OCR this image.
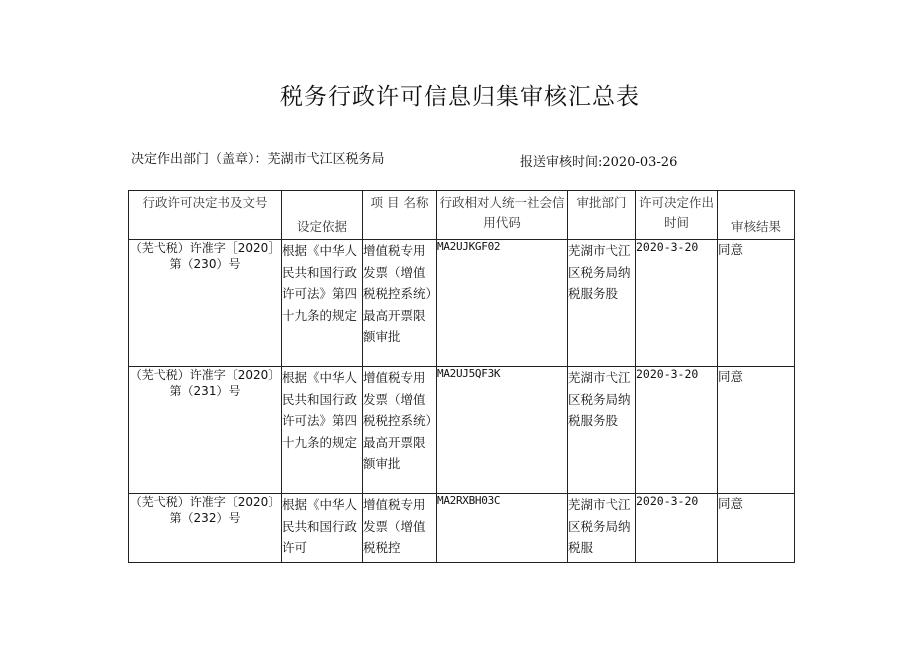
税务行政许可信息归集审核汇总表
决定作出部门（盖章）：芜湖市弋江区税务局	报送审核时间:2020-03-26
行政许可决定书及文号	设定依据	项 目 名称	行政相对人统一社会信用代码	审批部门	许可决定作出时间	审核结果
（芜弋税）许准字［2020］第（230）号	根据《中华人民共和国行政许可法》第四十九条的规定	增值税专用发票（增值税税控系统）最高开票限额审批	MA2UJKGF02	芜湖市弋江区税务局纳税服务股	2020-3-20	同意
（芜弋税）许准字〔2020〕第（231）号	根据《中华人民共和国行政许可法》第四十九条的规定	增值税专用发票（增值税税控系统）最高开票限额审批	MA2UJ5QF3K	芜湖市弋江区税务局纳税服务股	2020-3-20	同意
（芜弋税）许准字〔2020〕第（232）号	根据《中华人民共和国行政许可	增值税专用发票（增值税税控	MA2RXBH03C	芜湖市弋江区税务局纳税服	2020-3-20	同意
